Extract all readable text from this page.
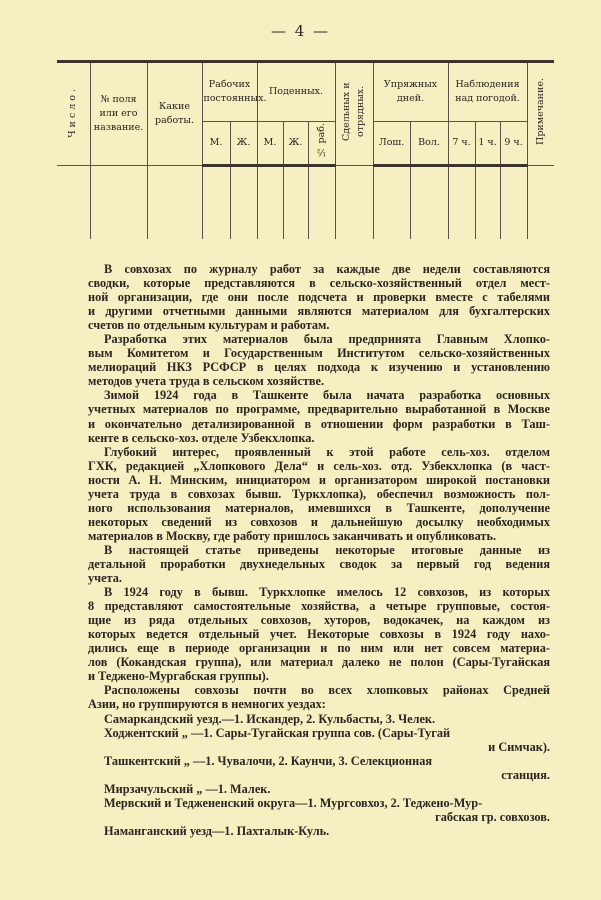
— 4 —
Число.	№ поля или его название.	Какие работы.	Рабочих постоянных.		Поденных.			Сдельных и отрядных.	Упряжных дней.		Наблюдения над погодой.			Примечание.
			М.	Ж.	М.	Ж.	½ раб.		Лош.	Вол.	7 ч.	1 ч.	9 ч.	

В совхозах по журналу работ за каждые две недели составляются
сводки, которые представляются в сельско-хозяйственный отдел мест-
ной организации, где они после подсчета и проверки вместе с табелями
и другими отчетными данными являются материалом для бухгалтерских
счетов по отдельным культурам и работам.
Разработка этих материалов была предпринята Главным Хлопко-
вым Комитетом и Государственным Институтом сельско-хозяйственных
мелиораций НКЗ РСФСР в целях подхода к изучению и установлению
методов учета труда в сельском хозяйстве.
Зимой 1924 года в Ташкенте была начата разработка основных
учетных материалов по программе, предварительно выработанной в Москве
и окончательно детализированной в отношении форм разработки в Таш-
кенте в сельско-хоз. отделе Узбекхлопка.
Глубокий интерес, проявленный к этой работе сель-хоз. отделом
ГХК, редакцией „Хлопкового Дела“ и сель-хоз. отд. Узбекхлопка (в част-
ности А. Н. Минским, инициатором и организатором широкой постановки
учета труда в совхозах бывш. Туркхлопка), обеспечил возможность пол-
ного использования материалов, имевшихся в Ташкенте, дополучение
некоторых сведений из совхозов и дальнейшую досылку необходимых
материалов в Москву, где работу пришлось заканчивать и опубликовать.
В настоящей статье приведены некоторые итоговые данные из
детальной проработки двухнедельных сводок за первый год ведения
учета.
В 1924 году в бывш. Туркхлопке имелось 12 совхозов, из которых
8 представляют самостоятельные хозяйства, а четыре групповые, состоя-
щие из ряда отдельных совхозов, хуторов, водокачек, на каждом из
которых ведется отдельный учет. Некоторые совхозы в 1924 году нахо-
дились еще в периоде организации и по ним или нет совсем материа-
лов (Кокандская группа), или материал далеко не полон (Сары-Тугайская
и Теджено-Мургабская группы).
Расположены совхозы почти во всех хлопковых районах Средней
Азии, но группируются в немногих уездах:
Самаркандский уезд.—1. Искандер, 2. Кульбасты, 3. Челек.
Ходжентский „ —1. Сары-Тугайская группа сов. (Сары-Тугай
и Симчак).
Ташкентский „ —1. Чувалочи, 2. Каунчи, 3. Селекционная
станция.
Мирзачульский „ —1. Малек.
Мервский и Теджененский округа—1. Мургсовхоз, 2. Теджено-Мур-
габская гр. совхозов.
Наманганский уезд—1. Пахталык-Куль.
